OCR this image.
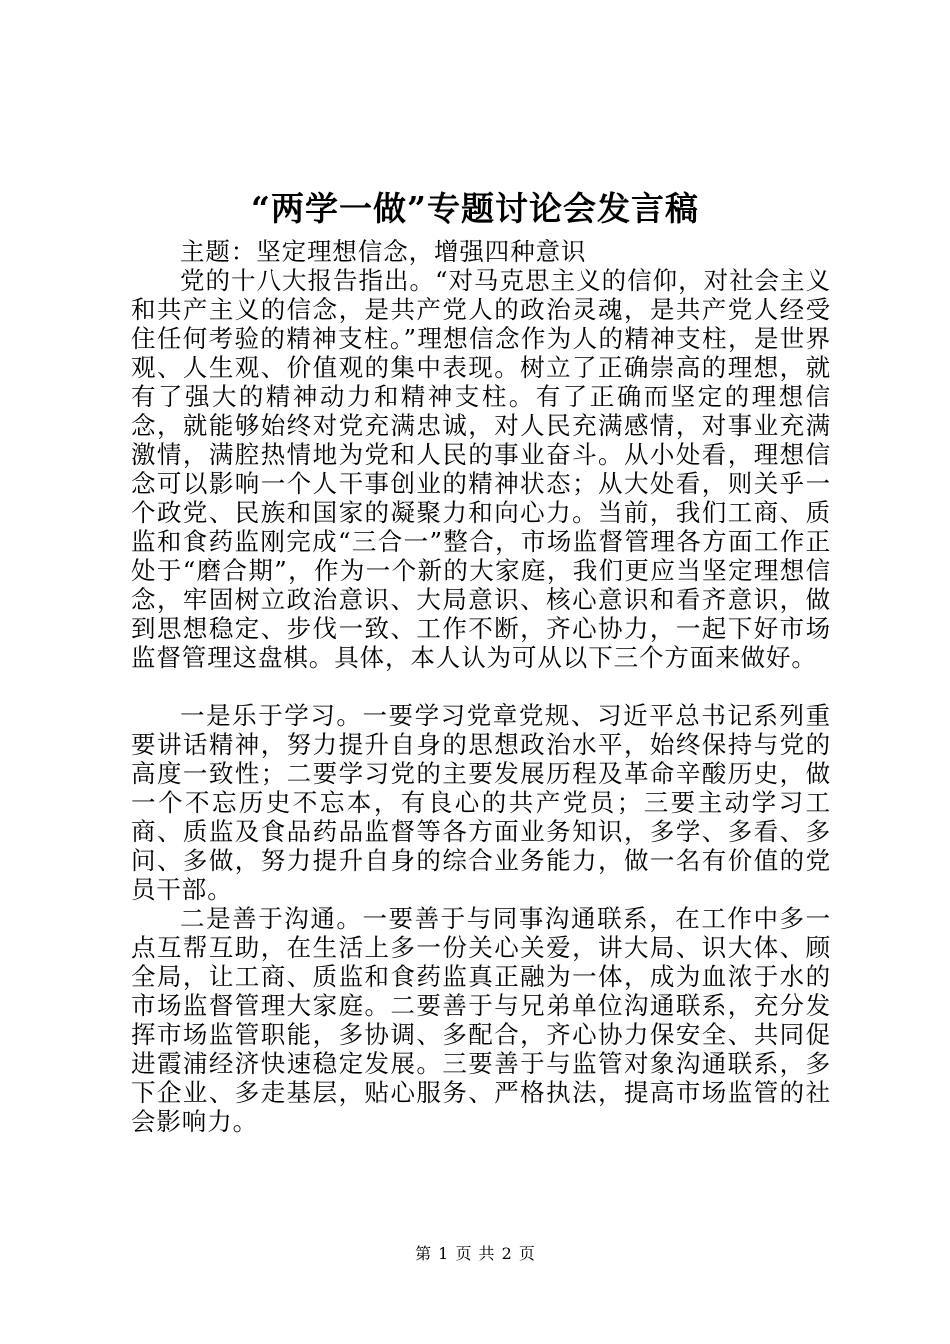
“两学一做”专题讨论会发言稿

主题：坚定理想信念，增强四种意识

党的十八大报告指出。“对马克思主义的信仰，对社会主义和共产主义的信念，是共产党人的政治灵魂，是共产党人经受住任何考验的精神支柱。”理想信念作为人的精神支柱，是世界观、人生观、价值观的集中表现。树立了正确崇高的理想，就有了强大的精神动力和精神支柱。有了正确而坚定的理想信念，就能够始终对党充满忠诚，对人民充满感情，对事业充满激情，满腔热情地为党和人民的事业奋斗。从小处看，理想信念可以影响一个人干事创业的精神状态；从大处看，则关乎一个政党、民族和国家的凝聚力和向心力。当前，我们工商、质监和食药监刚完成“三合一”整合，市场监督管理各方面工作正处于“磨合期”，作为一个新的大家庭，我们更应当坚定理想信念，牢固树立政治意识、大局意识、核心意识和看齐意识，做到思想稳定、步伐一致、工作不断，齐心协力，一起下好市场监督管理这盘棋。具体，本人认为可从以下三个方面来做好。

一是乐于学习。一要学习党章党规、习近平总书记系列重要讲话精神，努力提升自身的思想政治水平，始终保持与党的高度一致性；二要学习党的主要发展历程及革命辛酸历史，做一个不忘历史不忘本，有良心的共产党员；三要主动学习工商、质监及食品药品监督等各方面业务知识，多学、多看、多问、多做，努力提升自身的综合业务能力，做一名有价值的党员干部。

二是善于沟通。一要善于与同事沟通联系，在工作中多一点互帮互助，在生活上多一份关心关爱，讲大局、识大体、顾全局，让工商、质监和食药监真正融为一体，成为血浓于水的市场监督管理大家庭。二要善于与兄弟单位沟通联系，充分发挥市场监管职能，多协调、多配合，齐心协力保安全、共同促进霞浦经济快速稳定发展。三要善于与监管对象沟通联系，多下企业、多走基层，贴心服务、严格执法，提高市场监管的社会影响力。

第 1 页 共 2 页
